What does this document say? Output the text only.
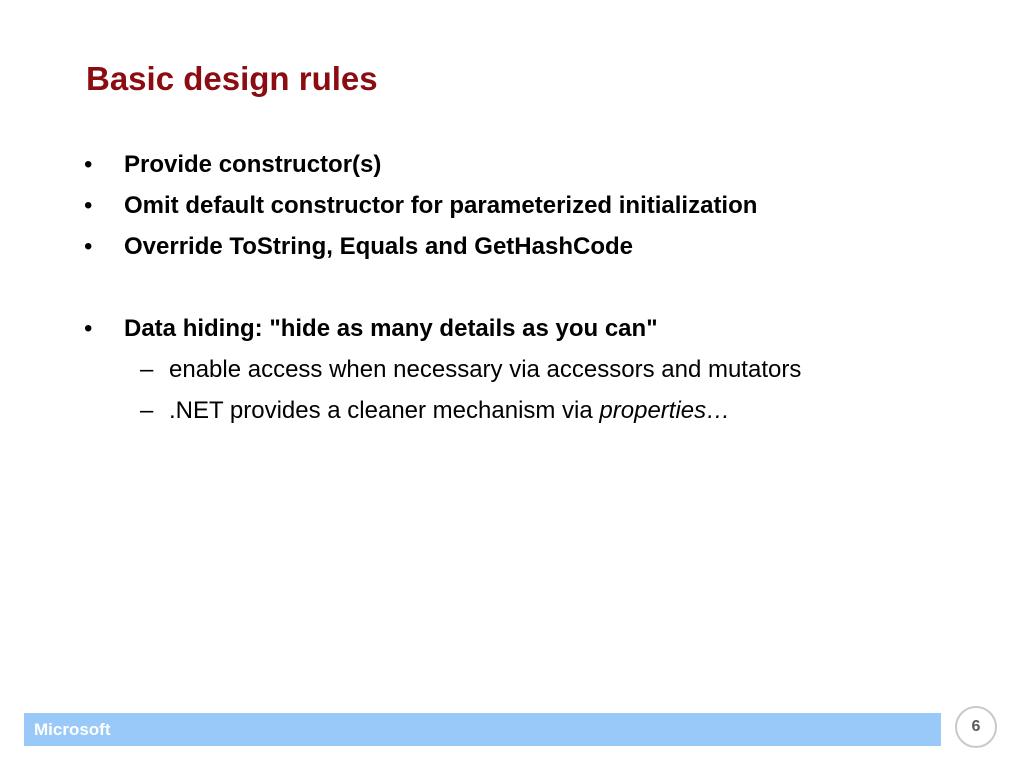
Basic design rules
• Provide constructor(s)
• Omit default constructor for parameterized initialization
• Override ToString, Equals and GetHashCode
• Data hiding: "hide as many details as you can"
– enable access when necessary via accessors and mutators
– .NET provides a cleaner mechanism via properties…
Microsoft	6
